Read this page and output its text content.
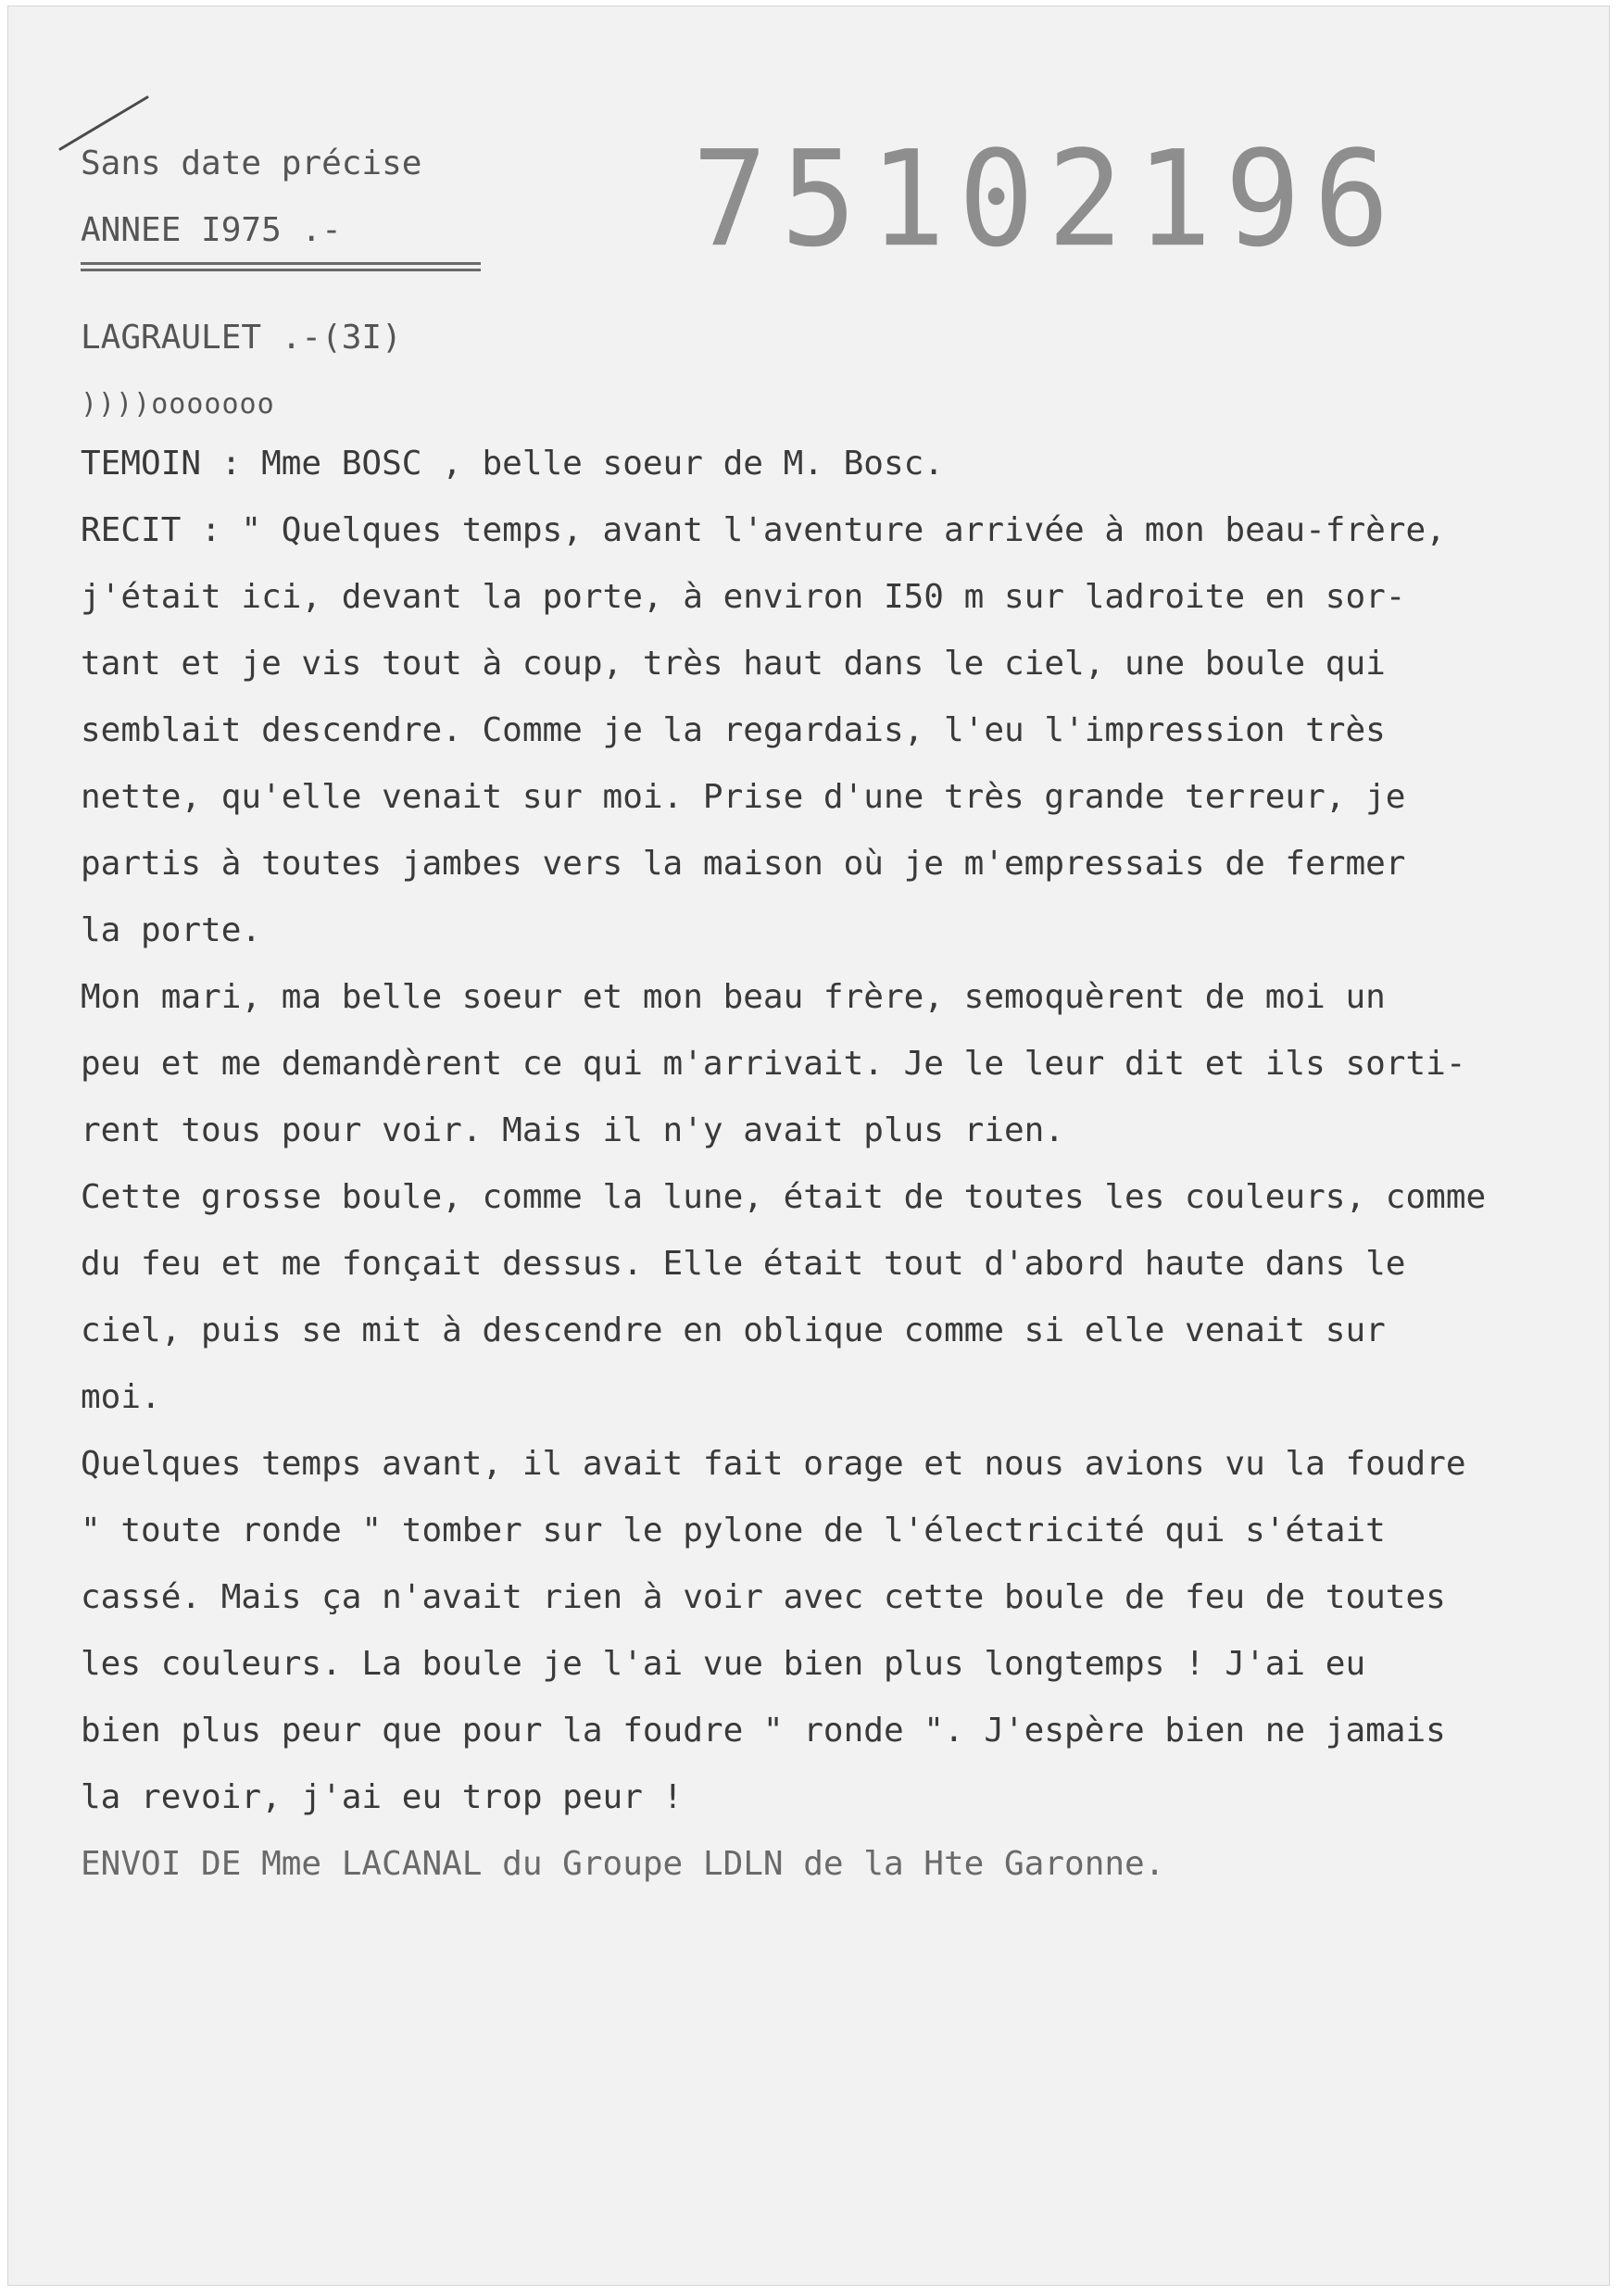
Sans date précise
ANNEE I975 .-	75102196
LAGRAULET .-(3I)
))))ooooooo
TEMOIN : Mme BOSC , belle soeur de M. Bosc.
RECIT : " Quelques temps, avant l'aventure arrivée à mon beau-frère,
j'était ici, devant la porte, à environ I50 m sur ladroite en sor-
tant et je vis tout à coup, très haut dans le ciel, une boule qui
semblait descendre. Comme je la regardais, l'eu l'impression très
nette, qu'elle venait sur moi. Prise d'une très grande terreur, je
partis à toutes jambes vers la maison où je m'empressais de fermer
la porte.
Mon mari, ma belle soeur et mon beau frère, semoquèrent de moi un
peu et me demandèrent ce qui m'arrivait. Je le leur dit et ils sorti-
rent tous pour voir. Mais il n'y avait plus rien.
Cette grosse boule, comme la lune, était de toutes les couleurs, comme
du feu et me fonçait dessus. Elle était tout d'abord haute dans le
ciel, puis se mit à descendre en oblique comme si elle venait sur
moi.
Quelques temps avant, il avait fait orage et nous avions vu la foudre
" toute ronde " tomber sur le pylone de l'électricité qui s'était
cassé. Mais ça n'avait rien à voir avec cette boule de feu de toutes
les couleurs. La boule je l'ai vue bien plus longtemps ! J'ai eu
bien plus peur que pour la foudre " ronde ". J'espère bien ne jamais
la revoir, j'ai eu trop peur !
ENVOI DE Mme LACANAL du Groupe LDLN de la Hte Garonne.
